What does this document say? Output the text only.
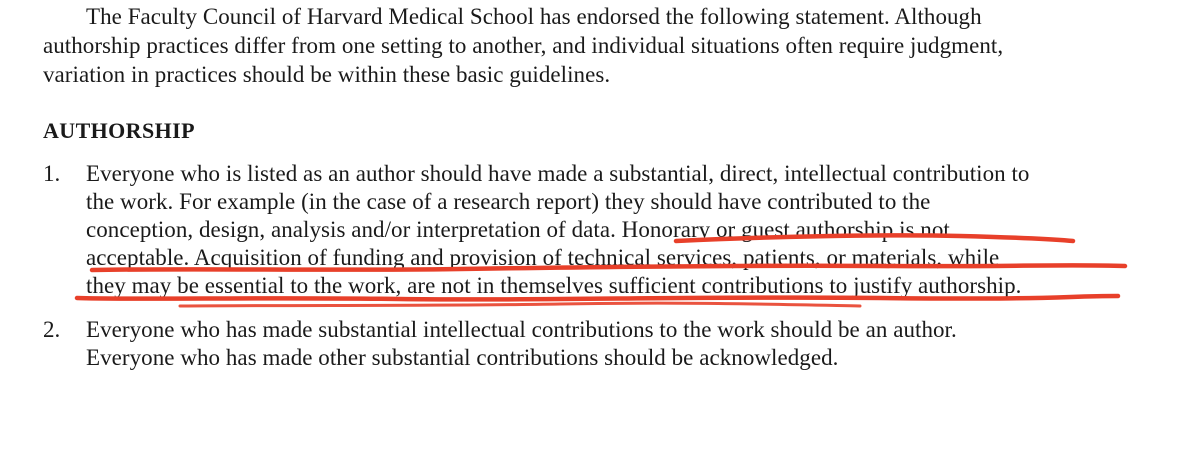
The Faculty Council of Harvard Medical School has endorsed the following statement. Although
authorship practices differ from one setting to another, and individual situations often require judgment,
variation in practices should be within these basic guidelines.
AUTHORSHIP
1. Everyone who is listed as an author should have made a substantial, direct, intellectual contribution to
the work. For example (in the case of a research report) they should have contributed to the
conception, design, analysis and/or interpretation of data. Honorary or guest authorship is not
acceptable. Acquisition of funding and provision of technical services, patients, or materials, while
they may be essential to the work, are not in themselves sufficient contributions to justify authorship.
2. Everyone who has made substantial intellectual contributions to the work should be an author.
Everyone who has made other substantial contributions should be acknowledged.
